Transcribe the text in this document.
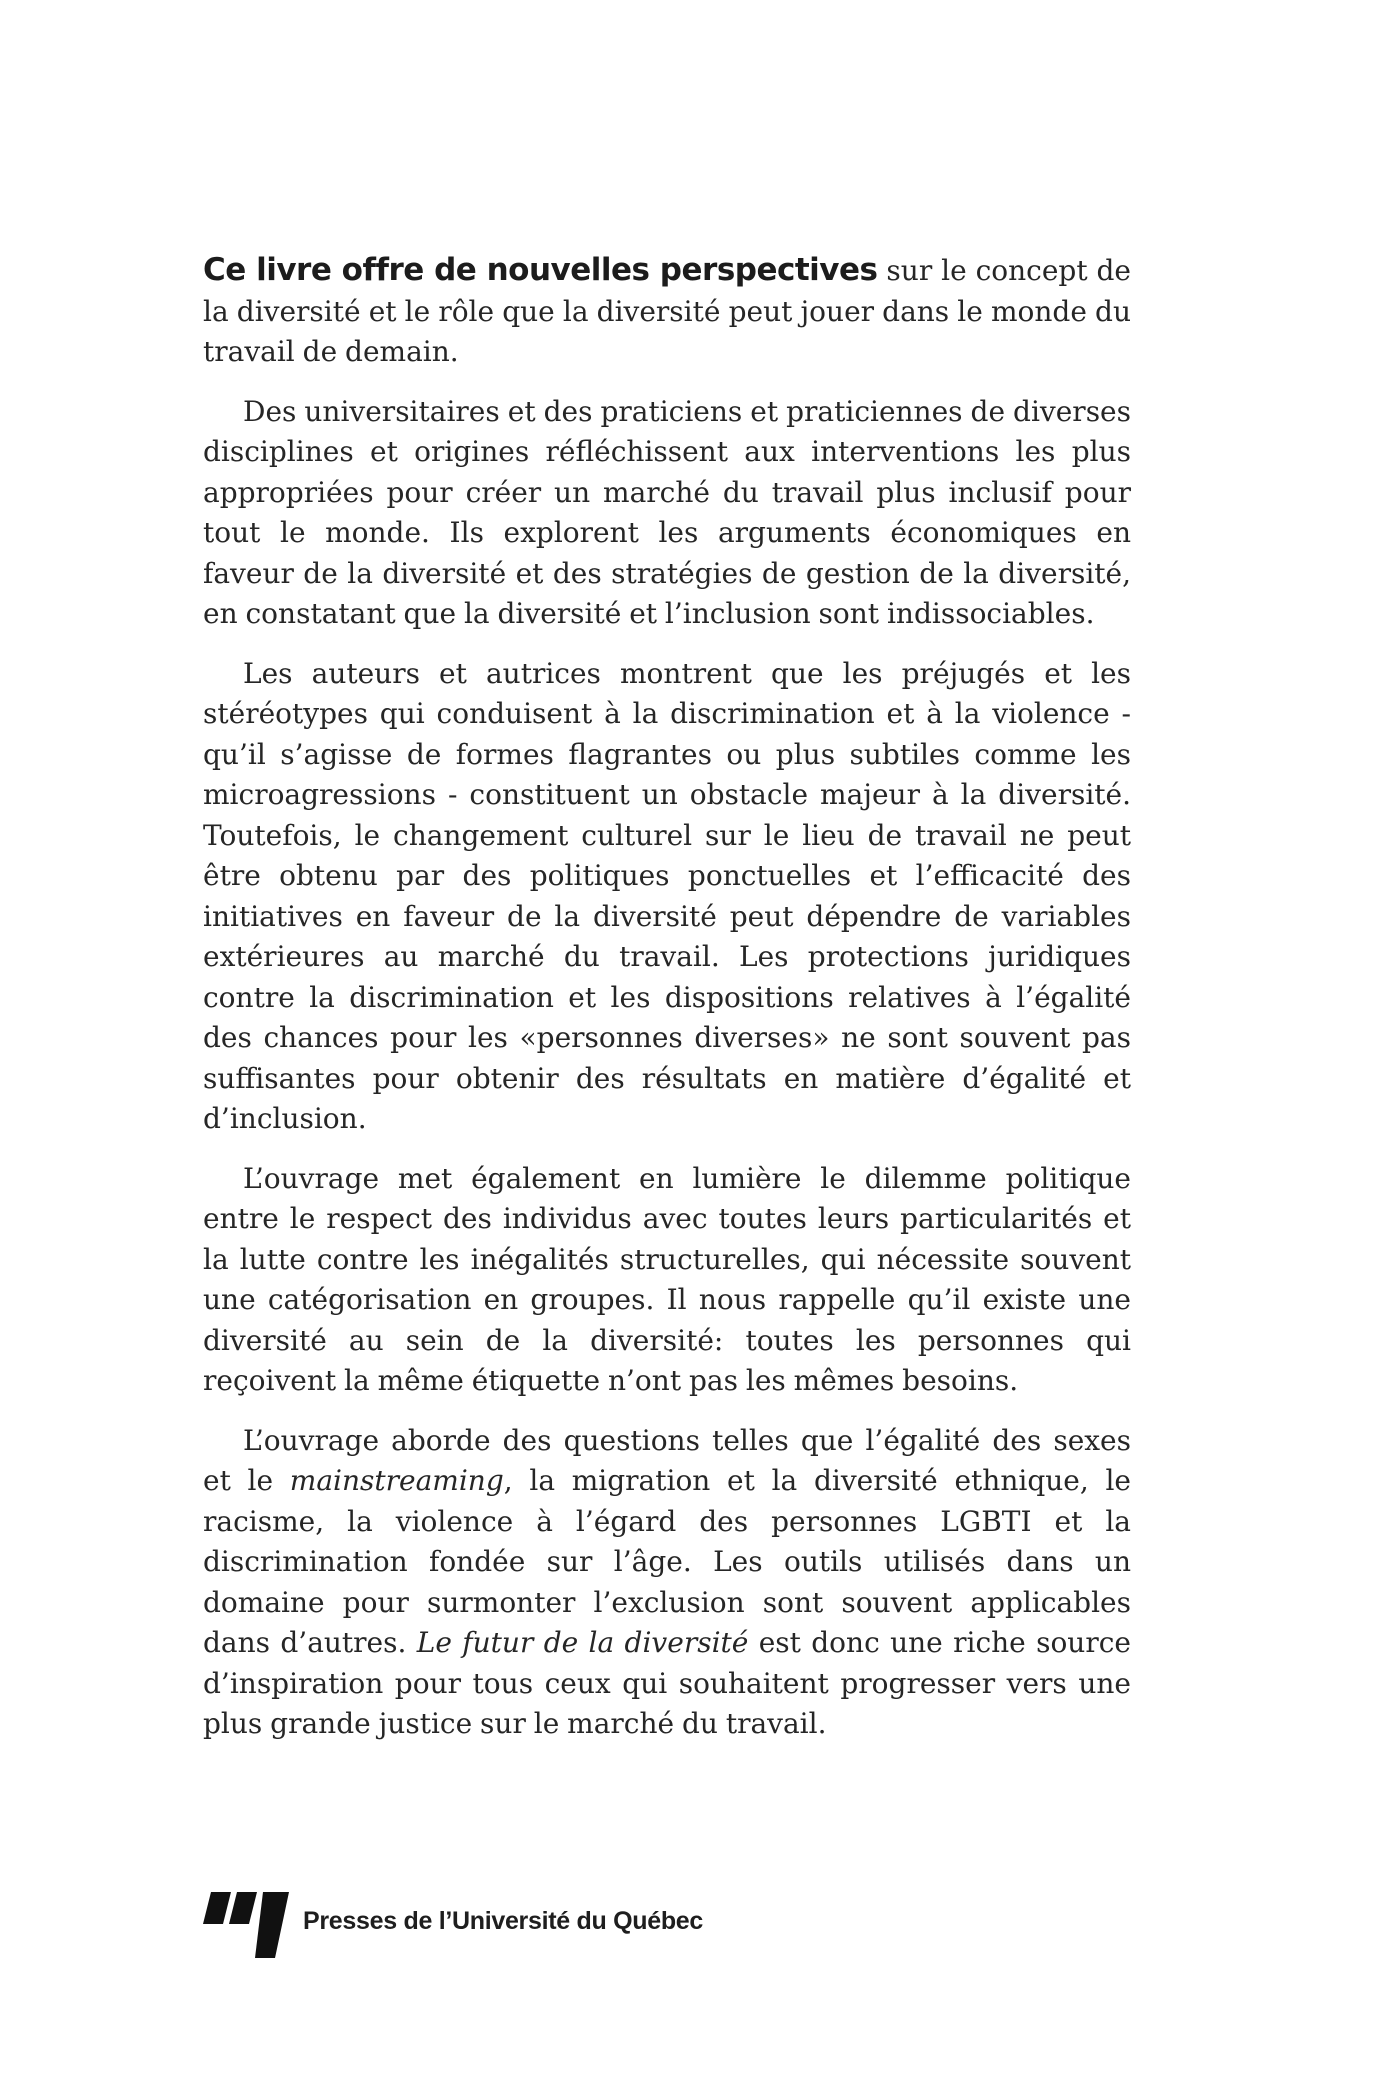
Ce livre offre de nouvelles perspectives sur le concept de la diversité et le rôle que la diversité peut jouer dans le monde du travail de demain.

Des universitaires et des praticiens et praticiennes de diverses disciplines et origines réfléchissent aux interventions les plus appropriées pour créer un marché du travail plus inclusif pour tout le monde. Ils explorent les arguments économiques en faveur de la diversité et des stratégies de gestion de la diversité, en constatant que la diversité et l’inclusion sont indissociables.

Les auteurs et autrices montrent que les préjugés et les stéréotypes qui conduisent à la discrimination et à la violence - qu’il s’agisse de formes flagrantes ou plus subtiles comme les microagressions - constituent un obstacle majeur à la diversité. Toutefois, le changement culturel sur le lieu de travail ne peut être obtenu par des politiques ponctuelles et l’efficacité des initiatives en faveur de la diversité peut dépendre de variables extérieures au marché du travail. Les protections juridiques contre la discrimination et les dispositions relatives à l’égalité des chances pour les «personnes diverses» ne sont souvent pas suffisantes pour obtenir des résultats en matière d’égalité et d’inclusion.

L’ouvrage met également en lumière le dilemme politique entre le respect des individus avec toutes leurs particularités et la lutte contre les inégalités structurelles, qui nécessite souvent une catégorisation en groupes. Il nous rappelle qu’il existe une diversité au sein de la diversité: toutes les personnes qui reçoivent la même étiquette n’ont pas les mêmes besoins.

L’ouvrage aborde des questions telles que l’égalité des sexes et le mainstreaming, la migration et la diversité ethnique, le racisme, la violence à l’égard des personnes LGBTI et la discrimination fondée sur l’âge. Les outils utilisés dans un domaine pour surmonter l’exclusion sont souvent applicables dans d’autres. Le futur de la diversité est donc une riche source d’inspiration pour tous ceux qui souhaitent progresser vers une plus grande justice sur le marché du travail.

Presses de l’Université du Québec
